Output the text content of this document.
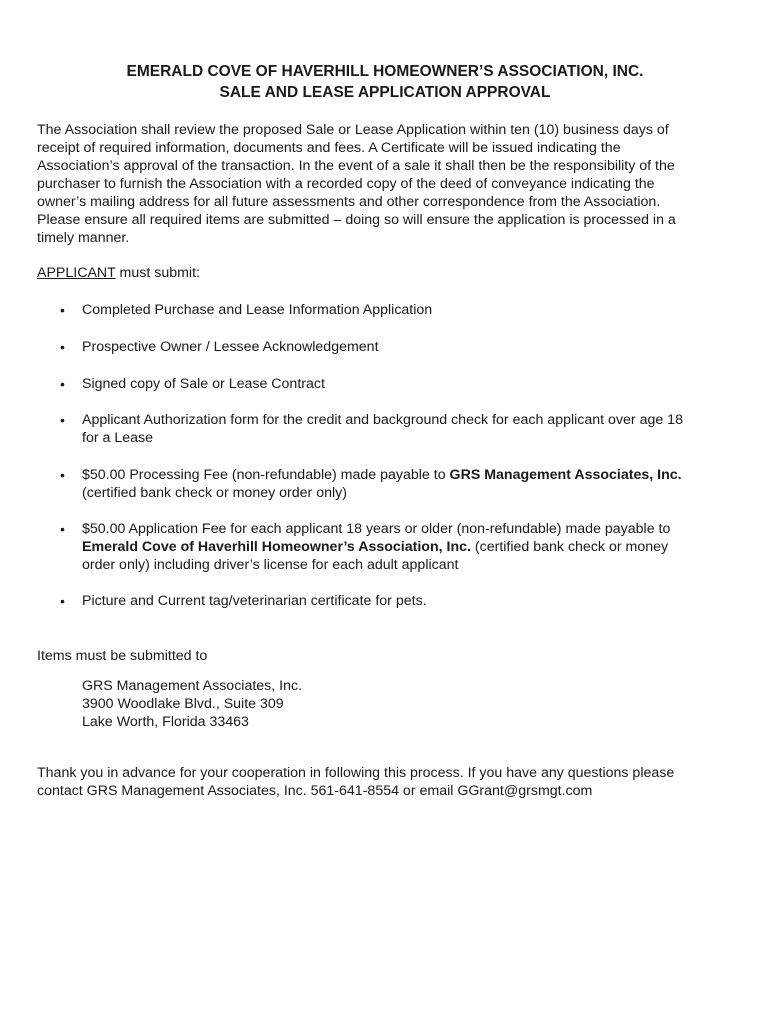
EMERALD COVE OF HAVERHILL HOMEOWNER’S ASSOCIATION, INC.
SALE AND LEASE APPLICATION APPROVAL
The Association shall review the proposed Sale or Lease Application within ten (10) business days of
receipt of required information, documents and fees. A Certificate will be issued indicating the
Association’s approval of the transaction. In the event of a sale it shall then be the responsibility of the
purchaser to furnish the Association with a recorded copy of the deed of conveyance indicating the
owner’s mailing address for all future assessments and other correspondence from the Association.
Please ensure all required items are submitted – doing so will ensure the application is processed in a
timely manner.
APPLICANT must submit:
• Completed Purchase and Lease Information Application
• Prospective Owner / Lessee Acknowledgement
• Signed copy of Sale or Lease Contract
• Applicant Authorization form for the credit and background check for each applicant over age 18
for a Lease
• $50.00 Processing Fee (non-refundable) made payable to GRS Management Associates, Inc.
(certified bank check or money order only)
• $50.00 Application Fee for each applicant 18 years or older (non-refundable) made payable to
Emerald Cove of Haverhill Homeowner’s Association, Inc. (certified bank check or money
order only) including driver’s license for each adult applicant
• Picture and Current tag/veterinarian certificate for pets.
Items must be submitted to
GRS Management Associates, Inc.
3900 Woodlake Blvd., Suite 309
Lake Worth, Florida 33463
Thank you in advance for your cooperation in following this process. If you have any questions please
contact GRS Management Associates, Inc. 561-641-8554 or email GGrant@grsmgt.com
